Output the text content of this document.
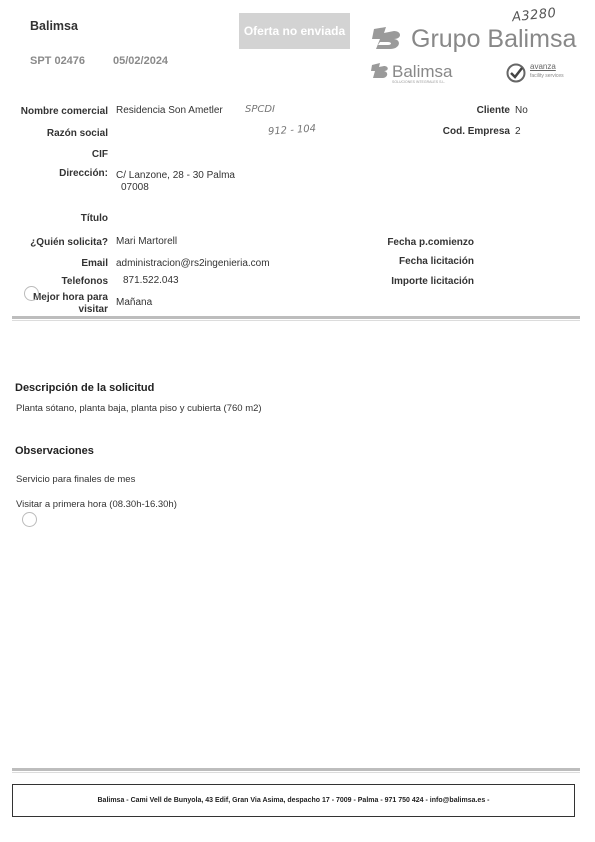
Balimsa
SPT 02476	05/02/2024
Oferta no enviada
A3280
Grupo Balimsa
Balimsa
SOLUCIONES INTEGRALES S.L.
avanza
facility services
Nombre comercial Residencia Son Ametler SPCDI
912 - 104
Razón social
CIF
Dirección: C/ Lanzone, 28 - 30 Palma
07008
Título
¿Quién solicita? Mari Martorell
Email administracion@rs2ingenieria.com
Telefonos 871.522.043
Mejor hora para
visitar
Mañana
Cliente No
Cod. Empresa 2
Fecha p.comienzo
Fecha licitación
Importe licitación
Descripción de la solicitud
Planta sótano, planta baja, planta piso y cubierta (760 m2)
Observaciones
Servicio para finales de mes
Visitar a primera hora (08.30h-16.30h)
Balimsa - Cami Vell de Bunyola, 43 Edif, Gran Via Asima, despacho 17 - 7009 - Palma - 971 750 424 - info@balimsa.es -
